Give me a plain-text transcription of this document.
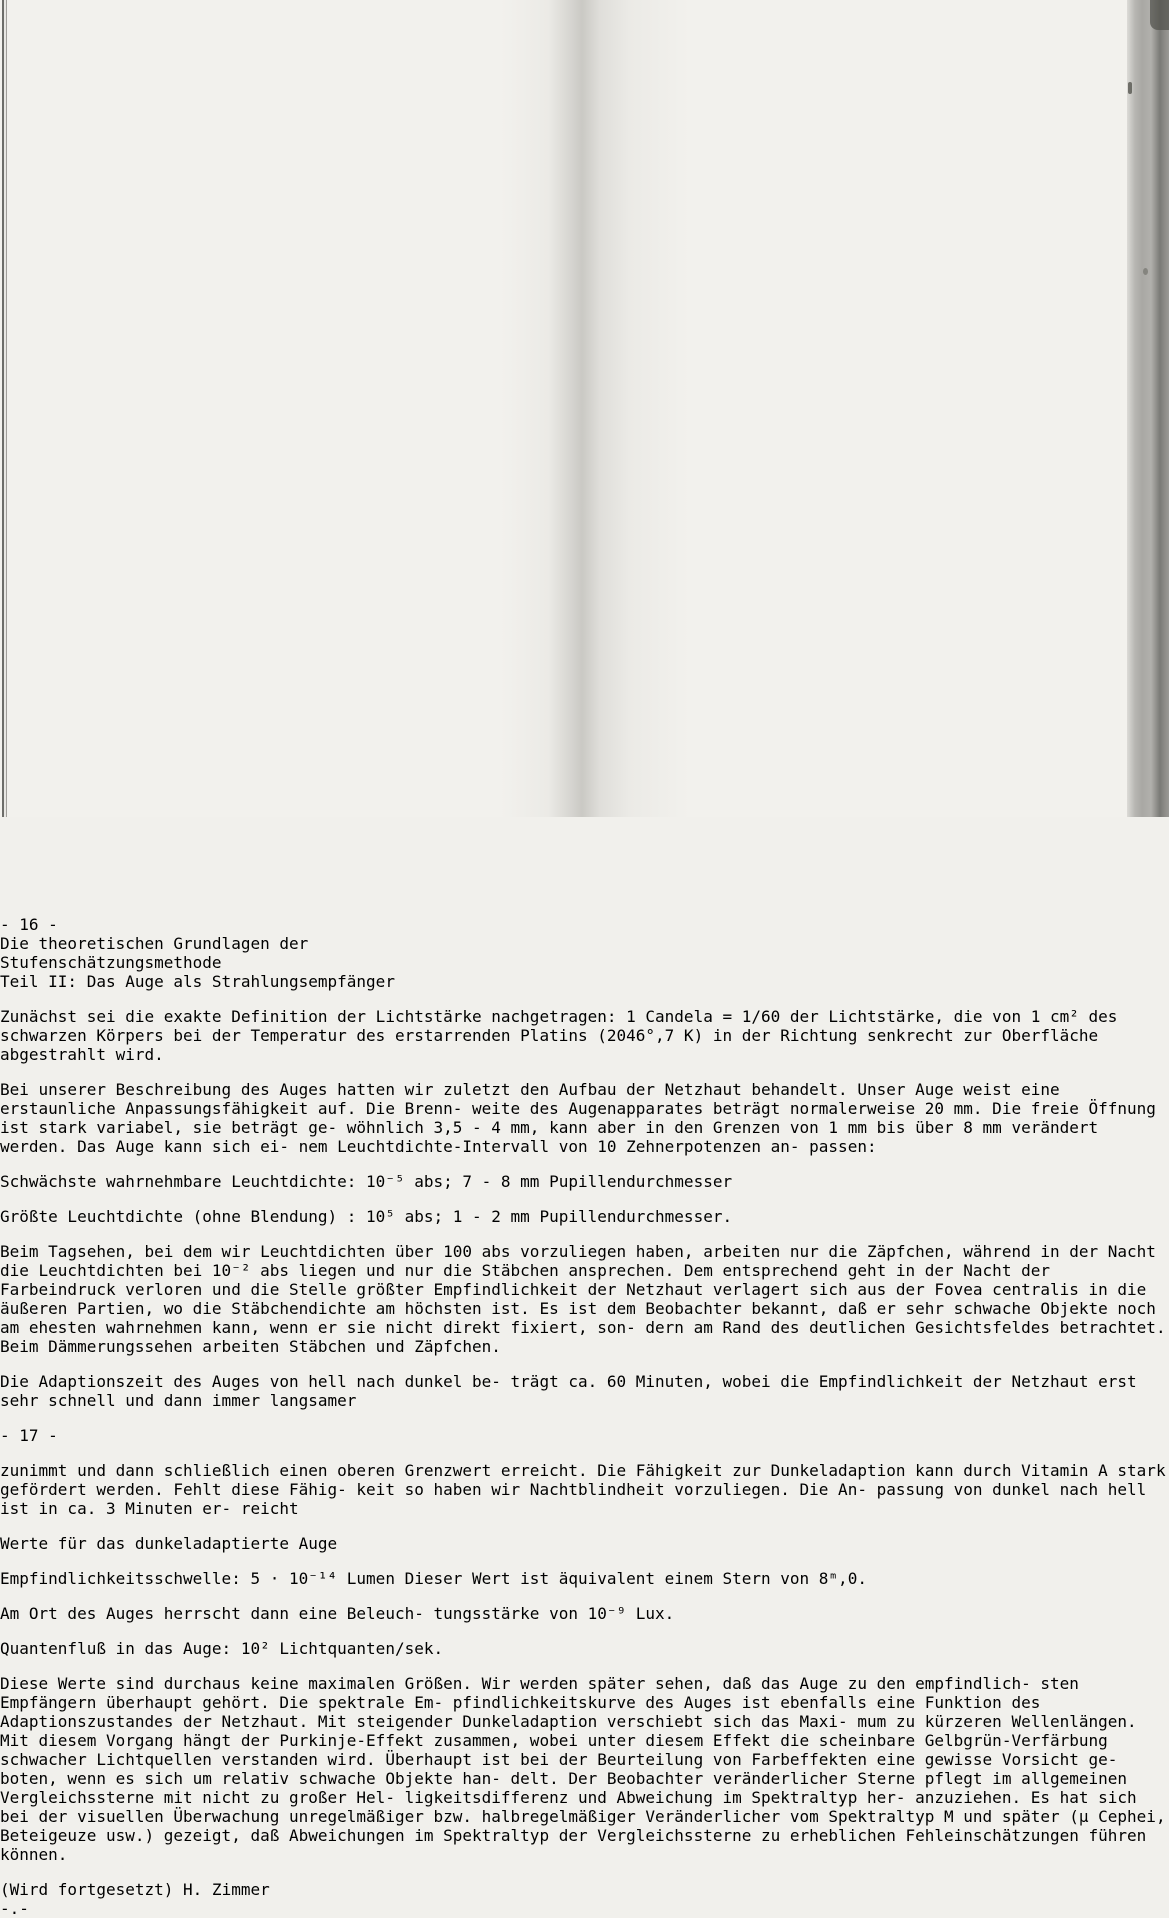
- 16 -
Die theoretischen Grundlagen der
Stufenschätzungsmethode
Teil II: Das Auge als Strahlungsempfänger

Zunächst sei die exakte Definition der Lichtstärke nachgetragen: 1 Candela = 1/60 der Lichtstärke, die von 1 cm² des schwarzen Körpers bei der Temperatur des erstarrenden Platins (2046°,7 K) in der Richtung senkrecht zur Oberfläche abgestrahlt wird.

Bei unserer Beschreibung des Auges hatten wir zuletzt den Aufbau der Netzhaut behandelt. Unser Auge weist eine erstaunliche Anpassungsfähigkeit auf. Die Brenn- weite des Augenapparates beträgt normalerweise 20 mm. Die freie Öffnung ist stark variabel, sie beträgt ge- wöhnlich 3,5 - 4 mm, kann aber in den Grenzen von 1 mm bis über 8 mm verändert werden. Das Auge kann sich ei- nem Leuchtdichte-Intervall von 10 Zehnerpotenzen an- passen:

Schwächste wahrnehmbare Leuchtdichte: 10⁻⁵ abs; 7 - 8 mm Pupillendurchmesser

Größte Leuchtdichte (ohne Blendung) : 10⁵ abs; 1 - 2 mm Pupillendurchmesser.

Beim Tagsehen, bei dem wir Leuchtdichten über 100 abs vorzuliegen haben, arbeiten nur die Zäpfchen, während in der Nacht die Leuchtdichten bei 10⁻² abs liegen und nur die Stäbchen ansprechen. Dem entsprechend geht in der Nacht der Farbeindruck verloren und die Stelle größter Empfindlichkeit der Netzhaut verlagert sich aus der Fovea centralis in die äußeren Partien, wo die Stäbchendichte am höchsten ist. Es ist dem Beobachter bekannt, daß er sehr schwache Objekte noch am ehesten wahrnehmen kann, wenn er sie nicht direkt fixiert, son- dern am Rand des deutlichen Gesichtsfeldes betrachtet. Beim Dämmerungssehen arbeiten Stäbchen und Zäpfchen.

Die Adaptionszeit des Auges von hell nach dunkel be- trägt ca. 60 Minuten, wobei die Empfindlichkeit der Netzhaut erst sehr schnell und dann immer langsamer

- 17 -

zunimmt und dann schließlich einen oberen Grenzwert erreicht. Die Fähigkeit zur Dunkeladaption kann durch Vitamin A stark gefördert werden. Fehlt diese Fähig- keit so haben wir Nachtblindheit vorzuliegen. Die An- passung von dunkel nach hell ist in ca. 3 Minuten er- reicht

Werte für das dunkeladaptierte Auge

Empfindlichkeitsschwelle: 5 · 10⁻¹⁴ Lumen Dieser Wert ist äquivalent einem Stern von 8ᵐ,0.

Am Ort des Auges herrscht dann eine Beleuch- tungsstärke von 10⁻⁹ Lux.

Quantenfluß in das Auge: 10² Lichtquanten/sek.

Diese Werte sind durchaus keine maximalen Größen. Wir werden später sehen, daß das Auge zu den empfindlich- sten Empfängern überhaupt gehört. Die spektrale Em- pfindlichkeitskurve des Auges ist ebenfalls eine Funktion des Adaptionszustandes der Netzhaut. Mit steigender Dunkeladaption verschiebt sich das Maxi- mum zu kürzeren Wellenlängen. Mit diesem Vorgang hängt der Purkinje-Effekt zusammen, wobei unter diesem Effekt die scheinbare Gelbgrün-Verfärbung schwacher Lichtquellen verstanden wird. Überhaupt ist bei der Beurteilung von Farbeffekten eine gewisse Vorsicht ge- boten, wenn es sich um relativ schwache Objekte han- delt. Der Beobachter veränderlicher Sterne pflegt im allgemeinen Vergleichssterne mit nicht zu großer Hel- ligkeitsdifferenz und Abweichung im Spektraltyp her- anzuziehen. Es hat sich bei der visuellen Überwachung unregelmäßiger bzw. halbregelmäßiger Veränderlicher vom Spektraltyp M und später (μ Cephei, Beteigeuze usw.) gezeigt, daß Abweichungen im Spektraltyp der Vergleichssterne zu erheblichen Fehleinschätzungen führen können.

(Wird fortgesetzt) H. Zimmer
-.-
